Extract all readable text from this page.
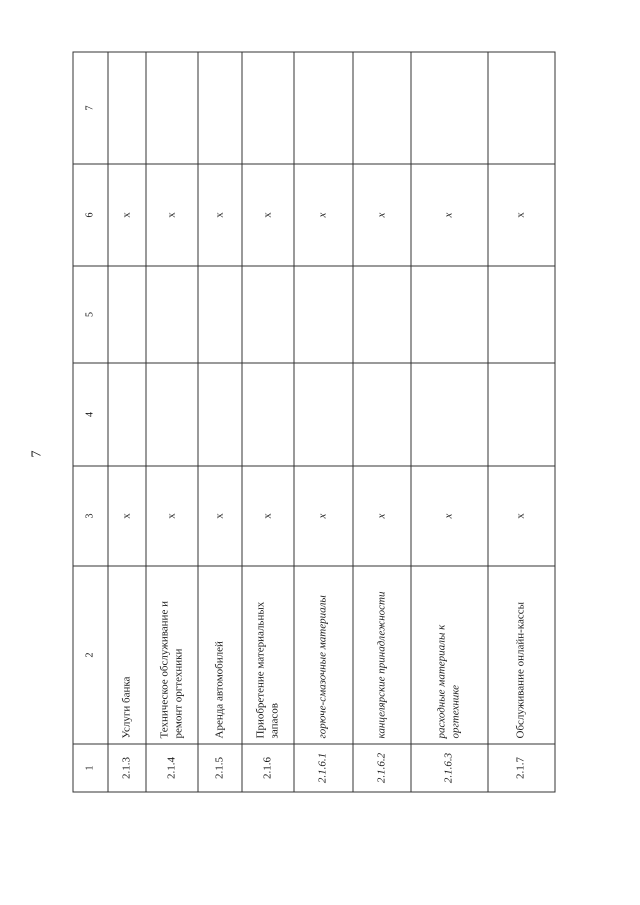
7
1	2	3	4	5	6	7
2.1.3	Услуги банка	x			x	
2.1.4	Техническое обслуживание и ремонт оргтехники	x			x	
2.1.5	Аренда автомобилей	x			x	
2.1.6	Приобретение материальных запасов	x			x	
2.1.6.1	горюче-смазочные материалы	x			x	
2.1.6.2	канцелярские принадлежности	x			x	
2.1.6.3	расходные материалы к оргтехнике	x			x	
2.1.7	Обслуживание онлайн-кассы	x			x	
